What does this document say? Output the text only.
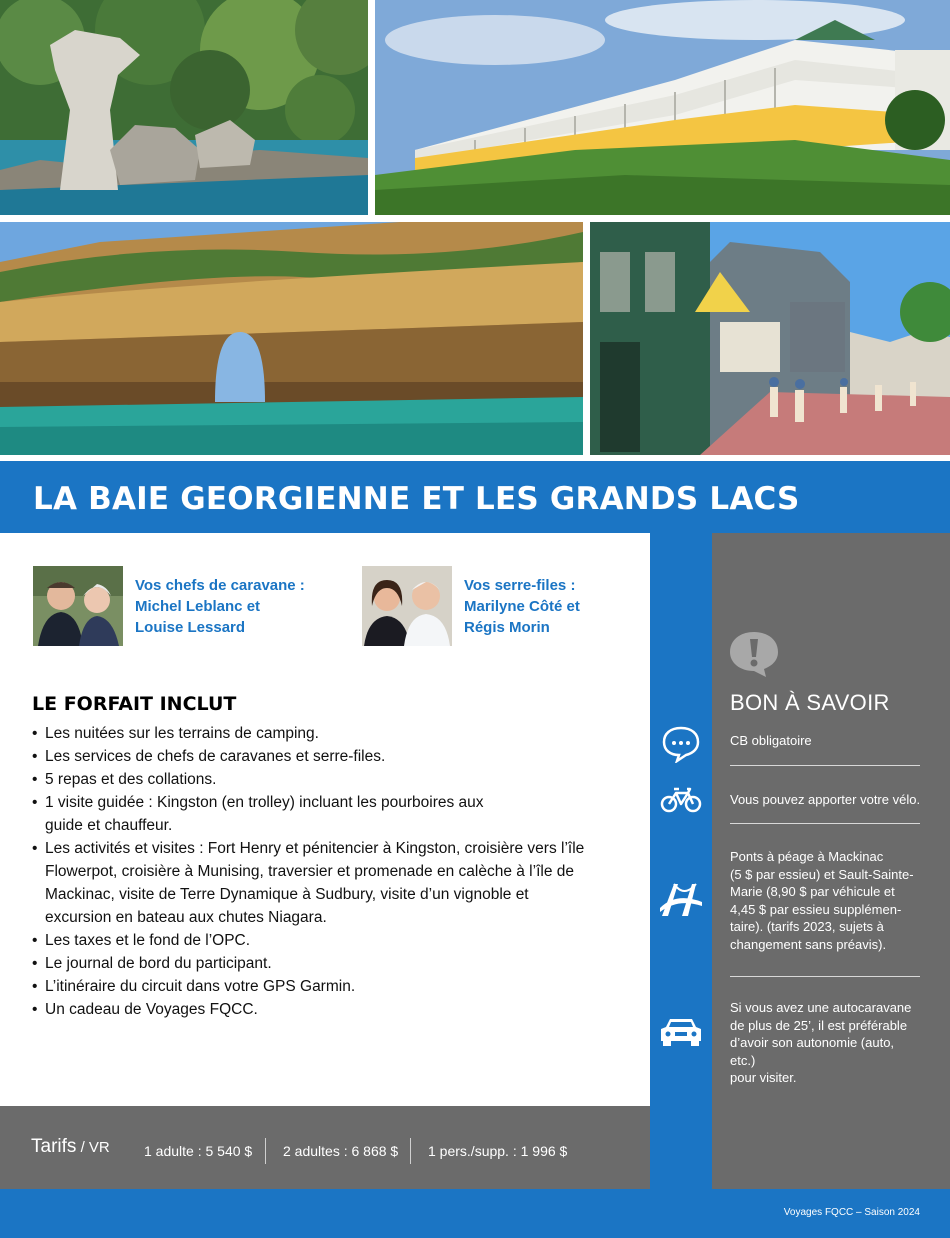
LA BAIE GEORGIENNE ET LES GRANDS LACS
Vos chefs de caravane :
Michel Leblanc et
Louise Lessard
Vos serre-files :
Marilyne Côté et
Régis Morin
LE FORFAIT INCLUT
• Les nuitées sur les terrains de camping.
• Les services de chefs de caravanes et serre-files.
• 5 repas et des collations.
• 1 visite guidée : Kingston (en trolley) incluant les pourboires aux
guide et chauffeur.
• Les activités et visites : Fort Henry et pénitencier à Kingston, croisière vers l’île
Flowerpot, croisière à Munising, traversier et promenade en calèche à l’île de
Mackinac, visite de Terre Dynamique à Sudbury, visite d’un vignoble et
excursion en bateau aux chutes Niagara.
• Les taxes et le fond de l’OPC.
• Le journal de bord du participant.
• L’itinéraire du circuit dans votre GPS Garmin.
• Un cadeau de Voyages FQCC.
BON À SAVOIR
CB obligatoire
Vous pouvez apporter votre vélo.
Ponts à péage à Mackinac
(5 $ par essieu) et Sault-Sainte-
Marie (8,90 $ par véhicule et
4,45 $ par essieu supplémen-
taire). (tarifs 2023, sujets à
changement sans préavis).
Si vous avez une autocaravane
de plus de 25’, il est préférable
d’avoir son autonomie (auto, etc.)
pour visiter.
Tarifs / VR 1 adulte : 5 540 $ 2 adultes : 6 868 $ 1 pers./supp. : 1 996 $
Voyages FQCC – Saison 2024
